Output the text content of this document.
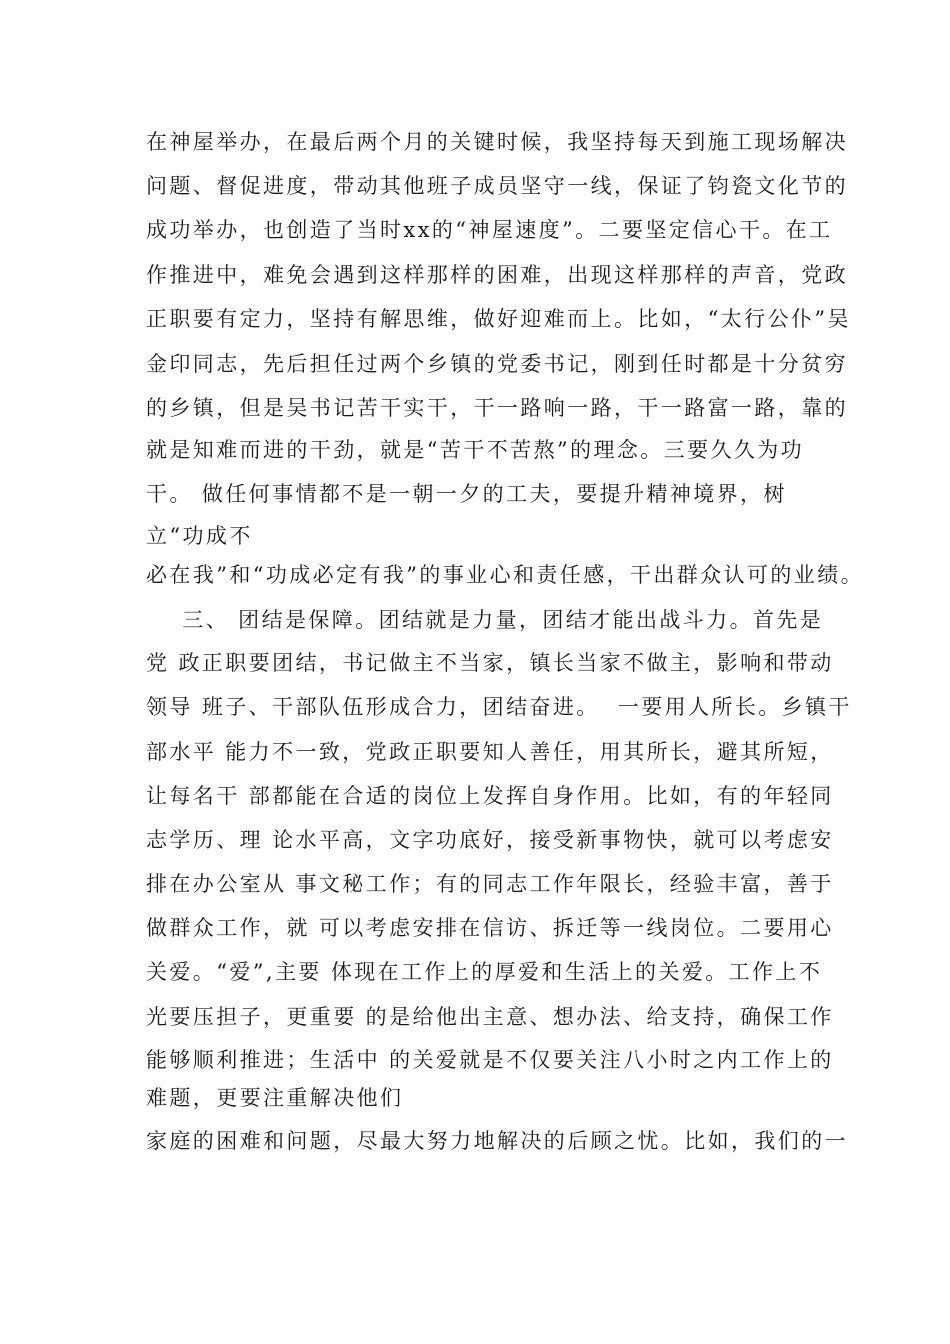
在神屋举办，在最后两个月的关键时候，我坚持每天到施工现场解决
问题、督促进度，带动其他班子成员坚守一线，保证了钧瓷文化节的
成功举办，也创造了当时xx的“神屋速度”。二要坚定信心干。在工
作推进中，难免会遇到这样那样的困难，出现这样那样的声音，党政
正职要有定力，坚持有解思维，做好迎难而上。比如，“太行公仆”吴
金印同志，先后担任过两个乡镇的党委书记，刚到任时都是十分贫穷
的乡镇，但是吴书记苦干实干，干一路响一路，干一路富一路，靠的
就是知难而进的干劲，就是“苦干不苦熬”的理念。三要久久为功
干。 做任何事情都不是一朝一夕的工夫，要提升精神境界，树
立“功成不
必在我”和“功成必定有我”的事业心和责任感，干出群众认可的业绩。
三、 团结是保障。团结就是力量，团结才能出战斗力。首先是
党 政正职要团结，书记做主不当家，镇长当家不做主，影响和带动
领导 班子、干部队伍形成合力，团结奋进。  一要用人所长。乡镇干
部水平 能力不一致，党政正职要知人善任，用其所长，避其所短，
让每名干 部都能在合适的岗位上发挥自身作用。比如，有的年轻同
志学历、理 论水平高，文字功底好，接受新事物快，就可以考虑安
排在办公室从 事文秘工作；有的同志工作年限长，经验丰富，善于
做群众工作，就 可以考虑安排在信访、拆迁等一线岗位。二要用心
关爱。“爱”,主要 体现在工作上的厚爱和生活上的关爱。工作上不
光要压担子，更重要 的是给他出主意、想办法、给支持，确保工作
能够顺利推进；生活中 的关爱就是不仅要关注八小时之内工作上的
难题，更要注重解决他们
家庭的困难和问题，尽最大努力地解决的后顾之忧。比如，我们的一
